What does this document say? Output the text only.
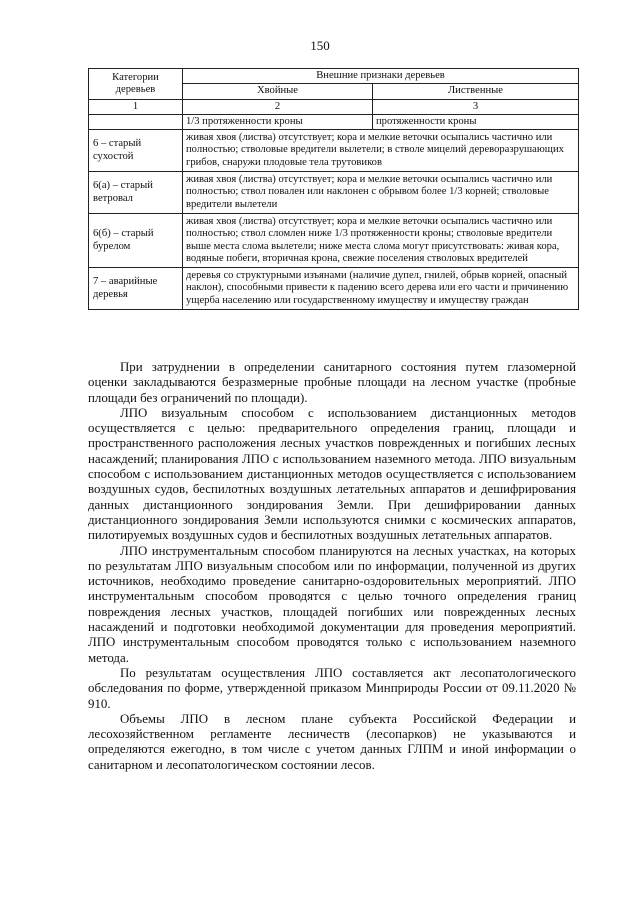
150
Категории деревьев	Внешние признаки деревьев	
	Хвойные	Лиственные
1	2	3
	1/3 протяженности кроны	протяженности кроны
6 – старый сухостой	живая хвоя (листва) отсутствует; кора и мелкие веточки осыпались частично или полностью; стволовые вредители вылетели; в стволе мицелий дереворазрушающих грибов, снаружи плодовые тела трутовиков	
6(а) – старый ветровал	живая хвоя (листва) отсутствует; кора и мелкие веточки осыпались частично или полностью; ствол повален или наклонен с обрывом более 1/3 корней; стволовые вредители вылетели	
6(б) – старый бурелом	живая хвоя (листва) отсутствует; кора и мелкие веточки осыпались частично или полностью; ствол сломлен ниже 1/3 протяженности кроны; стволовые вредители выше места слома вылетели; ниже места слома могут присутствовать: живая кора, водяные побеги, вторичная крона, свежие поселения стволовых вредителей	
7 – аварийные деревья	деревья со структурными изъянами (наличие дупел, гнилей, обрыв корней, опасный наклон), способными привести к падению всего дерева или его части и причинению ущерба населению или государственному имуществу и имуществу граждан	

При затруднении в определении санитарного состояния путем глазомерной оценки закладываются безразмерные пробные площади на лесном участке (пробные площади без ограничений по площади).

ЛПО визуальным способом с использованием дистанционных методов осуществляется с целью: предварительного определения границ, площади и пространственного расположения лесных участков поврежденных и погибших лесных насаждений; планирования ЛПО с использованием наземного метода. ЛПО визуальным способом с использованием дистанционных методов осуществляется с использованием воздушных судов, беспилотных воздушных летательных аппаратов и дешифрирования данных дистанционного зондирования Земли. При дешифрировании данных дистанционного зондирования Земли используются снимки с космических аппаратов, пилотируемых воздушных судов и беспилотных воздушных летательных аппаратов.

ЛПО инструментальным способом планируются на лесных участках, на которых по результатам ЛПО визуальным способом или по информации, полученной из других источников, необходимо проведение санитарно-оздоровительных мероприятий. ЛПО инструментальным способом проводятся с целью точного определения границ повреждения лесных участков, площадей погибших или поврежденных лесных насаждений и подготовки необходимой документации для проведения мероприятий. ЛПО инструментальным способом проводятся только с использованием наземного метода.

По результатам осуществления ЛПО составляется акт лесопатологического обследования по форме, утвержденной приказом Минприроды России от 09.11.2020 № 910.

Объемы ЛПО в лесном плане субъекта Российской Федерации и лесохозяйственном регламенте лесничеств (лесопарков) не указываются и определяются ежегодно, в том числе с учетом данных ГЛПМ и иной информации о санитарном и лесопатологическом состоянии лесов.
